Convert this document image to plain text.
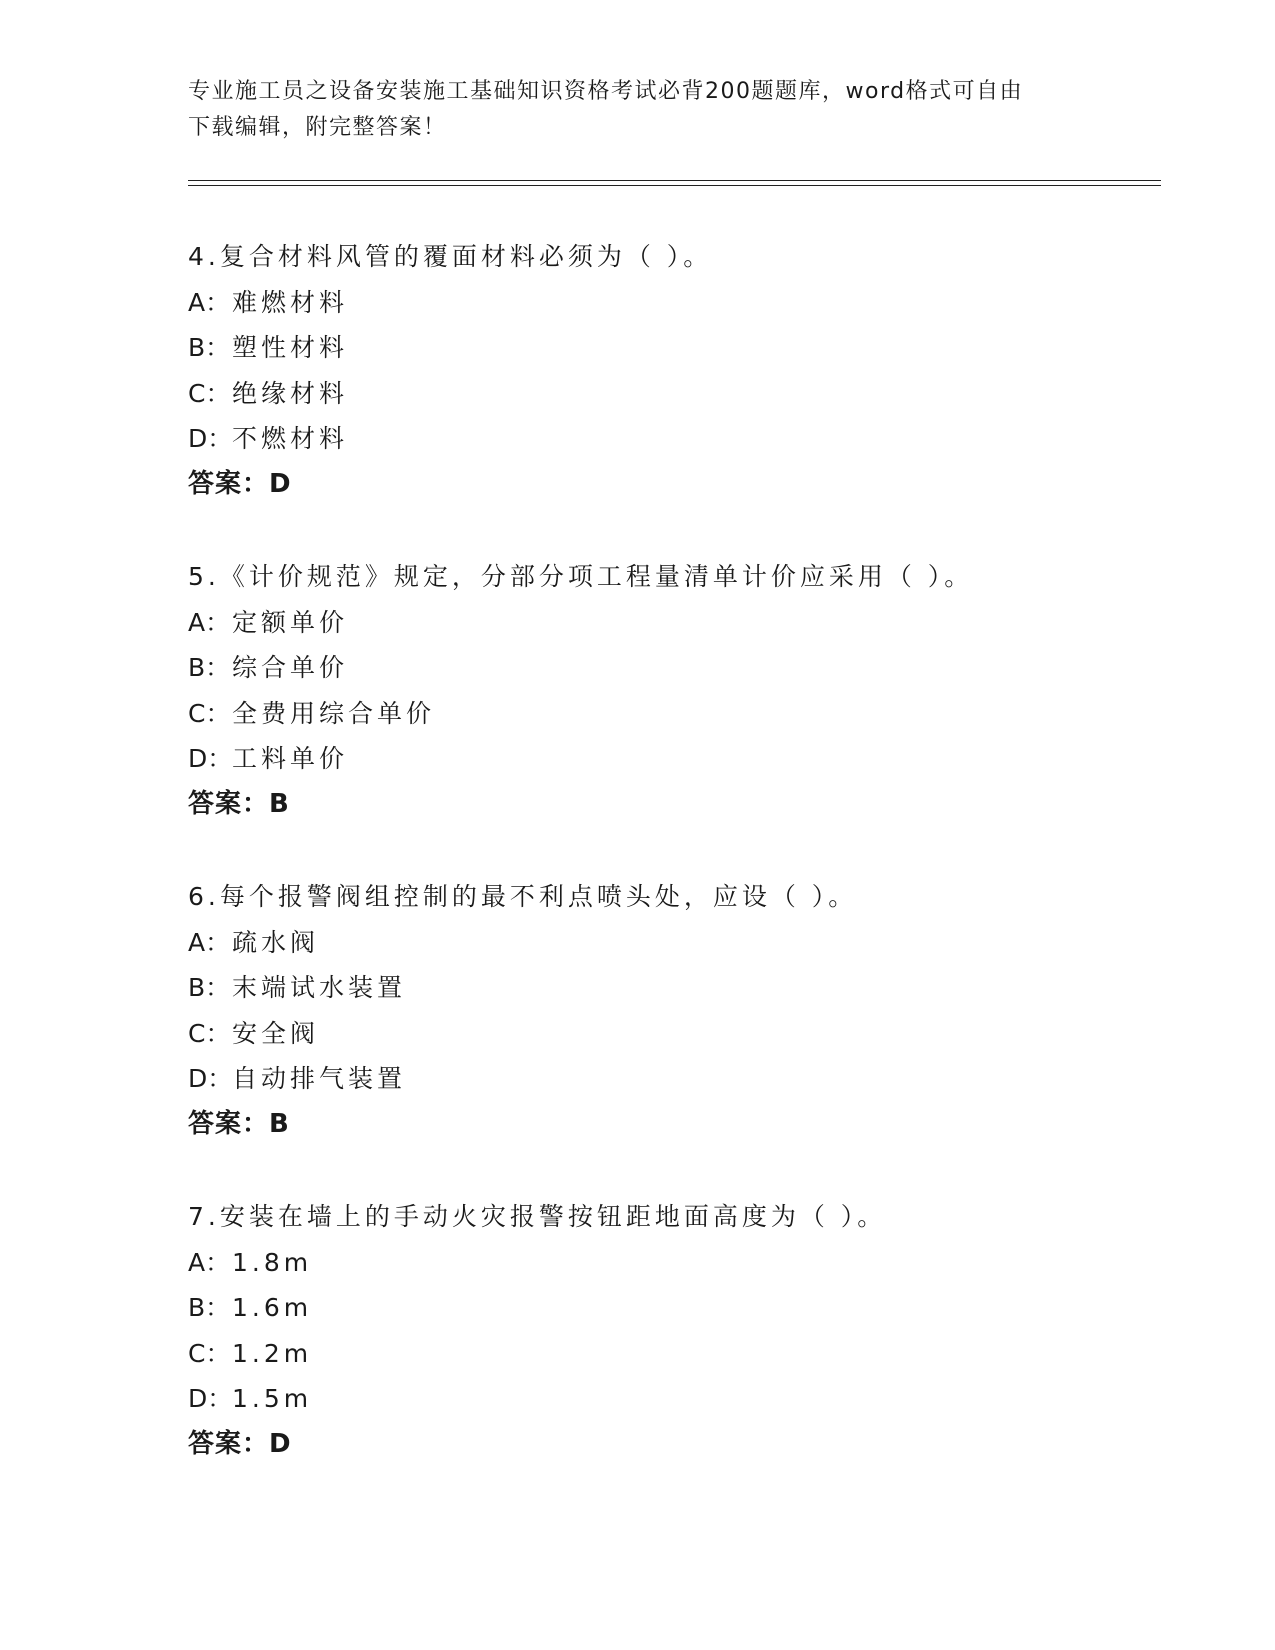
专业施工员之设备安装施工基础知识资格考试必背200题题库，word格式可自由
下载编辑，附完整答案！
4.复合材料风管的覆面材料必须为（ ）。
A：难燃材料
B：塑性材料
C：绝缘材料
D：不燃材料
答案：D
5.《计价规范》规定，分部分项工程量清单计价应采用（ ）。
A：定额单价
B：综合单价
C：全费用综合单价
D：工料单价
答案：B
6.每个报警阀组控制的最不利点喷头处，应设（ ）。
A：疏水阀
B：末端试水装置
C：安全阀
D：自动排气装置
答案：B
7.安装在墙上的手动火灾报警按钮距地面高度为（ ）。
A：1.8m
B：1.6m
C：1.2m
D：1.5m
答案：D
